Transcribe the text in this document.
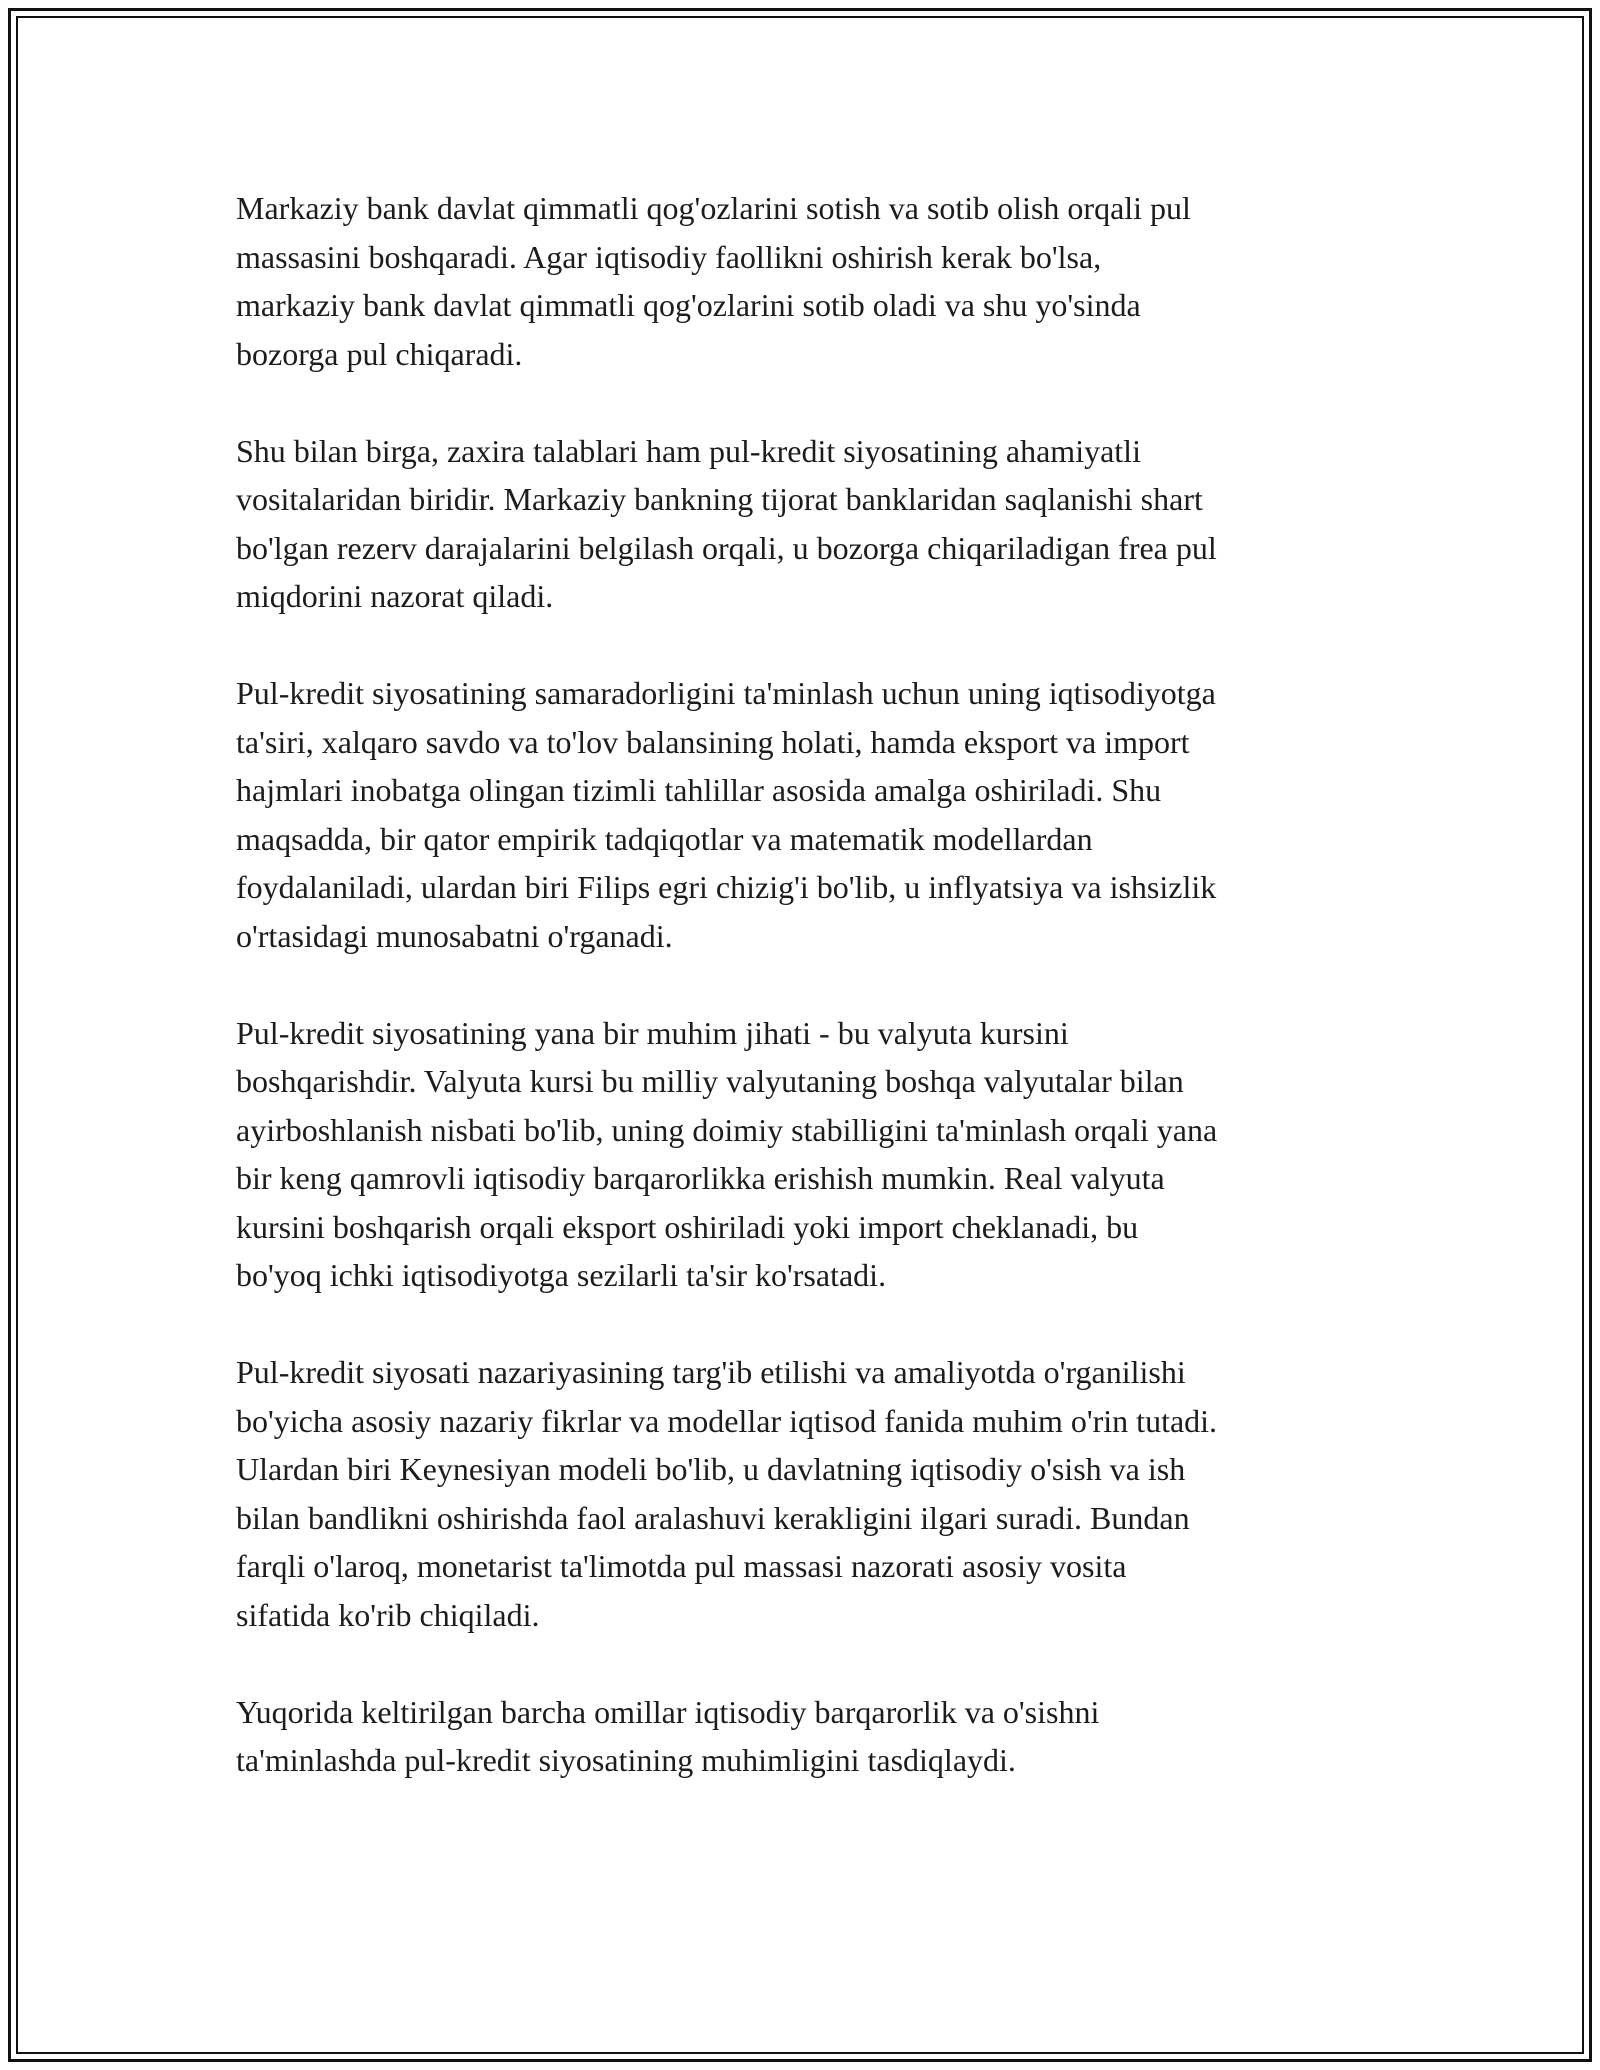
Markaziy bank davlat qimmatli qog'ozlarini sotish va sotib olish orqali pul
massasini boshqaradi. Agar iqtisodiy faollikni oshirish kerak bo'lsa,
markaziy bank davlat qimmatli qog'ozlarini sotib oladi va shu yo'sinda
bozorga pul chiqaradi.

Shu bilan birga, zaxira talablari ham pul-kredit siyosatining ahamiyatli
vositalaridan biridir. Markaziy bankning tijorat banklaridan saqlanishi shart
bo'lgan rezerv darajalarini belgilash orqali, u bozorga chiqariladigan frea pul
miqdorini nazorat qiladi.

Pul-kredit siyosatining samaradorligini ta'minlash uchun uning iqtisodiyotga
ta'siri, xalqaro savdo va to'lov balansining holati, hamda eksport va import
hajmlari inobatga olingan tizimli tahlillar asosida amalga oshiriladi. Shu
maqsadda, bir qator empirik tadqiqotlar va matematik modellardan
foydalaniladi, ulardan biri Filips egri chizig'i bo'lib, u inflyatsiya va ishsizlik
o'rtasidagi munosabatni o'rganadi.

Pul-kredit siyosatining yana bir muhim jihati - bu valyuta kursini
boshqarishdir. Valyuta kursi bu milliy valyutaning boshqa valyutalar bilan
ayirboshlanish nisbati bo'lib, uning doimiy stabilligini ta'minlash orqali yana
bir keng qamrovli iqtisodiy barqarorlikka erishish mumkin. Real valyuta
kursini boshqarish orqali eksport oshiriladi yoki import cheklanadi, bu
bo'yoq ichki iqtisodiyotga sezilarli ta'sir ko'rsatadi.

Pul-kredit siyosati nazariyasining targ'ib etilishi va amaliyotda o'rganilishi
bo'yicha asosiy nazariy fikrlar va modellar iqtisod fanida muhim o'rin tutadi.
Ulardan biri Keynesiyan modeli bo'lib, u davlatning iqtisodiy o'sish va ish
bilan bandlikni oshirishda faol aralashuvi kerakligini ilgari suradi. Bundan
farqli o'laroq, monetarist ta'limotda pul massasi nazorati asosiy vosita
sifatida ko'rib chiqiladi.

Yuqorida keltirilgan barcha omillar iqtisodiy barqarorlik va o'sishni
ta'minlashda pul-kredit siyosatining muhimligini tasdiqlaydi.
